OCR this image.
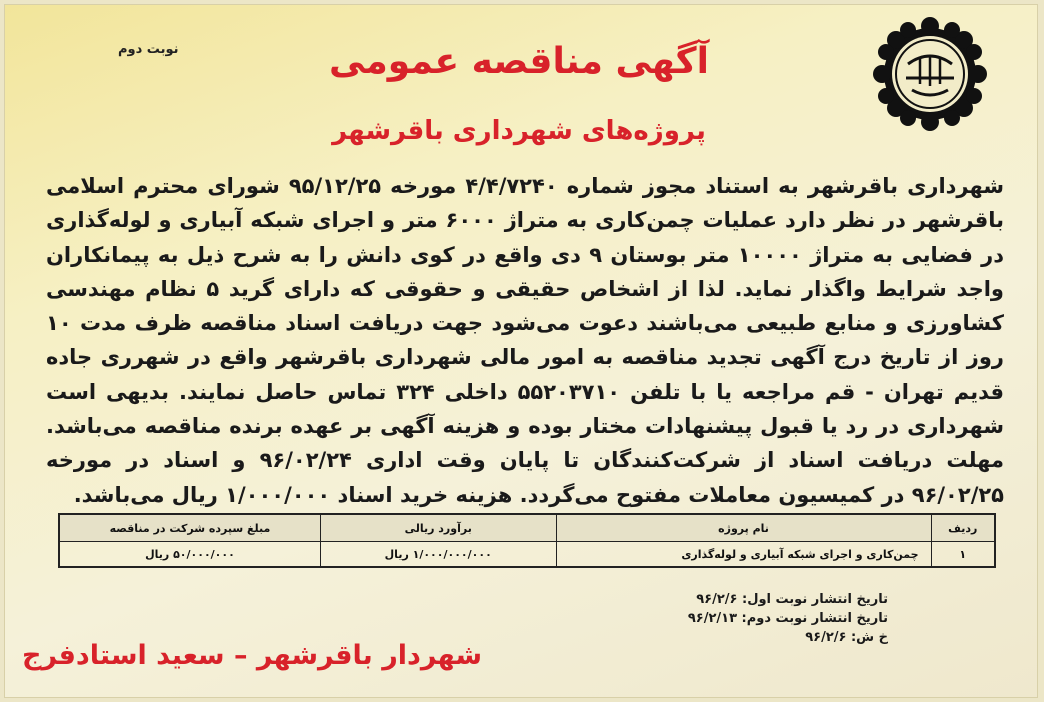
نوبت دوم	آگهی مناقصه عمومی
پروژه‌های شهرداری باقرشهر

شهرداری باقرشهر به استناد مجوز شماره ۴/۴/۷۲۴۰ مورخه ۹۵/۱۲/۲۵ شورای محترم اسلامی باقرشهر در نظر دارد عملیات چمن‌کاری به متراژ ۶۰۰۰ متر و اجرای شبکه آبیاری و لوله‌گذاری در فضایی به متراژ ۱۰۰۰۰ متر بوستان ۹ دی واقع در کوی دانش را به شرح ذیل به پیمانکاران واجد شرایط واگذار نماید. لذا از اشخاص حقیقی و حقوقی که دارای گرید ۵ نظام مهندسی کشاورزی و منابع طبیعی می‌باشند دعوت می‌شود جهت دریافت اسناد مناقصه ظرف مدت ۱۰ روز از تاریخ درج آگهی تجدید مناقصه به امور مالی شهرداری باقرشهر واقع در شهرری جاده قدیم تهران - قم مراجعه یا با تلفن ۵۵۲۰۳۷۱۰ داخلی ۳۲۴ تماس حاصل نمایند. بدیهی است شهرداری در رد یا قبول پیشنهادات مختار بوده و هزینه آگهی بر عهده برنده مناقصه می‌باشد. مهلت دریافت اسناد از شرکت‌کنندگان تا پایان وقت اداری ۹۶/۰۲/۲۴ و اسناد در مورخه ۹۶/۰۲/۲۵ در کمیسیون معاملات مفتوح می‌گردد. هزینه خرید اسناد ۱/۰۰۰/۰۰۰ ریال می‌باشد.

ردیف	نام پروژه	برآورد ریالی	مبلغ سپرده شرکت در مناقصه
۱	چمن‌کاری و اجرای شبکه آبیاری و لوله‌گذاری	۱/۰۰۰/۰۰۰/۰۰۰ ریال	۵۰/۰۰۰/۰۰۰ ریال
تاریخ انتشار نوبت اول: ۹۶/۲/۶
تاریخ انتشار نوبت دوم: ۹۶/۲/۱۳
خ ش: ۹۶/۲/۶
شهردار باقرشهر – سعید استادفرج
